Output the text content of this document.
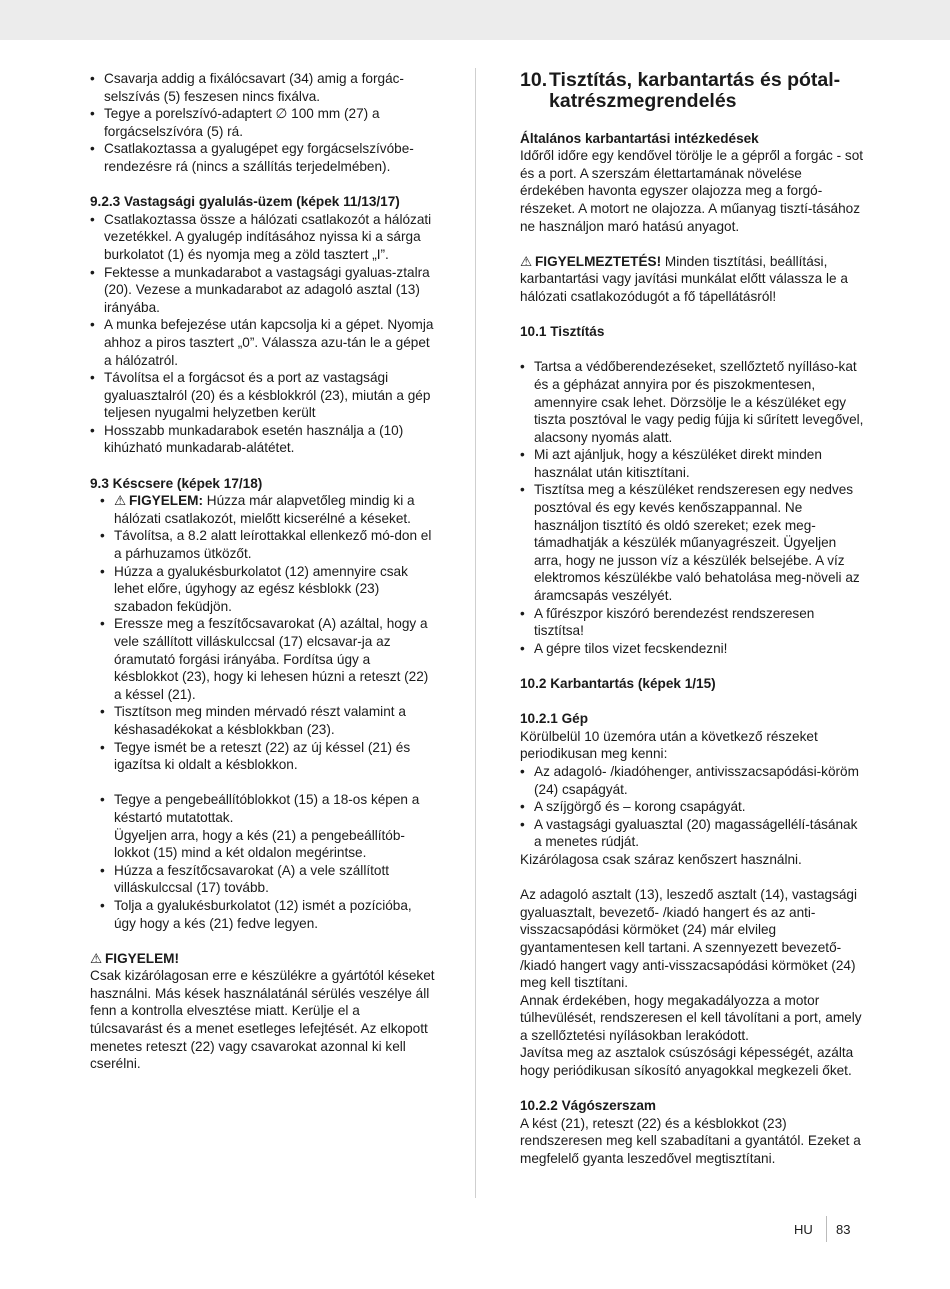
• Csavarja addig a fixálócsavart (34) amig a forgác-selszívás (5) feszesen nincs fixálva.
• Tegye a porelszívó-adaptert ∅ 100 mm (27) a forgácselszívóra (5) rá.
• Csatlakoztassa a gyalugépet egy forgácselszívóbe-rendezésre rá (nincs a szállítás terjedelmében).
9.2.3 Vastagsági gyalulás-üzem (képek 11/13/17)
• Csatlakoztassa össze a hálózati csatlakozót a hálózati vezetékkel. A gyalugép indításához nyissa ki a sárga burkolatot (1) és nyomja meg a zöld tasztert „I”.
• Fektesse a munkadarabot a vastagsági gyaluas-ztalra (20). Vezese a munkadarabot az adagoló asztal (13) irányába.
• A munka befejezése után kapcsolja ki a gépet. Nyomja ahhoz a piros tasztert „0”. Válassza azu-tán le a gépet a hálózatról.
• Távolítsa el a forgácsot és a port az vastagsági gyaluasztalról (20) és a késblokkról (23), miután a gép teljesen nyugalmi helyzetben került
• Hosszabb munkadarabok esetén használja a (10) kihúzható munkadarab-alátétet.
9.3 Késcsere (képek 17/18)
• ⚠ FIGYELEM: Húzza már alapvetőleg mindig ki a hálózati csatlakozót, mielőtt kicserélné a késeket.
• Távolítsa, a 8.2 alatt leírottakkal ellenkező mó-don el a párhuzamos ütközőt.
• Húzza a gyalukésburkolatot (12) amennyire csak lehet előre, úgyhogy az egész késblokk (23) szabadon feküdjön.
• Eressze meg a feszítőcsavarokat (A) azáltal, hogy a vele szállított villáskulccsal (17) elcsavar-ja az óramutató forgási irányába. Fordítsa úgy a késblokkot (23), hogy ki lehesen húzni a reteszt (22) a késsel (21).
• Tisztítson meg minden mérvadó részt valamint a késhasadékokat a késblokkban (23).
• Tegye ismét be a reteszt (22) az új késsel (21) és igazítsa ki oldalt a késblokkon.
• Tegye a pengebeállítóblokkot (15) a 18-os képen a késtartó mutatottak.
Ügyeljen arra, hogy a kés (21) a pengebeállítób-lokkot (15) mind a két oldalon megérintse.
• Húzza a feszítőcsavarokat (A) a vele szállított villáskulccsal (17) tovább.
• Tolja a gyalukésburkolatot (12) ismét a pozícióba, úgy hogy a kés (21) fedve legyen.

⚠ FIGYELEM!

Csak kizárólagosan erre e készülékre a gyártótól késeket használni. Más kések használatánál sérülés veszélye áll fenn a kontrolla elvesztése miatt. Kerülje el a túlcsavarást és a menet esetleges lefejtését. Az elkopott menetes reteszt (22) vagy csavarokat azonnal ki kell cserélni.

10. Tisztítás, karbantartás és pótal-katrészmegrendelés
Általános karbantartási intézkedések

Időről időre egy kendővel törölje le a gépről a forgác - sot és a port. A szerszám élettartamának növelése érdekében havonta egyszer olajozza meg a forgó-részeket. A motort ne olajozza. A műanyag tisztí-tásához ne használjon maró hatású anyagot.

⚠ FIGYELMEZTETÉS! Minden tisztítási, beállítási, karbantartási vagy javítási munkálat előtt válassza le a hálózati csatlakozódugót a fő tápellátásról!

10.1 Tisztítás
• Tartsa a védőberendezéseket, szellőztető nyílláso-kat és a gépházat annyira por és piszokmentesen, amennyire csak lehet. Dörzsölje le a készüléket egy tiszta posztóval le vagy pedig fújja ki sűrített levegővel, alacsony nyomás alatt.
• Mi azt ajánljuk, hogy a készüléket direkt minden használat után kitisztítani.
• Tisztítsa meg a készüléket rendszeresen egy nedves posztóval és egy kevés kenőszappannal. Ne használjon tisztító és oldó szereket; ezek meg-támadhatják a készülék műanyagrészeit. Ügyeljen arra, hogy ne jusson víz a készülék belsejébe. A víz elektromos készülékbe való behatolása meg-növeli az áramcsapás veszélyét.
• A fűrészpor kiszóró berendezést rendszeresen tisztítsa!
• A gépre tilos vizet fecskendezni!
10.2 Karbantartás (képek 1/15)
10.2.1 Gép

Körülbelül 10 üzemóra után a következő részeket periodikusan meg kenni:

• Az adagoló- /kiadóhenger, antivisszacsapódási-köröm (24) csapágyát.
• A szíjgörgő és – korong csapágyát.
• A vastagsági gyaluasztal (20) magasságellélí-tásának a menetes rúdját.

Kizárólagosa csak száraz kenőszert használni.

Az adagoló asztalt (13), leszedő asztalt (14), vastagsági gyaluasztalt, bevezető- /kiadó hangert és az anti-visszacsapódási körmöket (24) már elvileg gyantamentesen kell tartani. A szennyezett bevezető-
/kiadó hangert vagy anti-visszacsapódási körmöket (24) meg kell tisztítani.
Annak érdekében, hogy megakadályozza a motor túlhevülését, rendszeresen el kell távolítani a port, amely a szellőztetési nyílásokban lerakódott.
Javítsa meg az asztalok csúszósági képességét, azálta hogy periódikusan síkosító anyagokkal megkezeli őket.

10.2.2 Vágószerszam

A kést (21), reteszt (22) és a késblokkot (23) rendszeresen meg kell szabadítani a gyantától. Ezeket a megfelelő gyanta leszedővel megtisztítani.

HU 83
